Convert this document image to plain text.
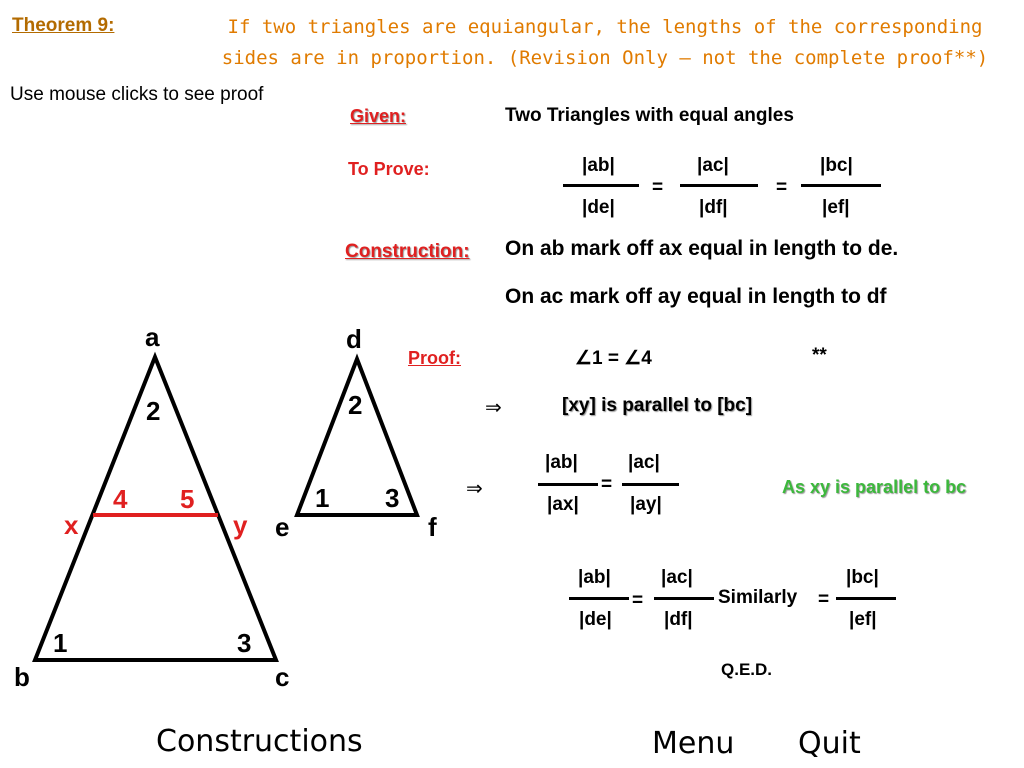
Theorem 9:	If two triangles are equiangular, the lengths of the corresponding
sides are in proportion. (Revision Only – not the complete proof**)
Use mouse clicks to see proof
Given:	Two Triangles with equal angles
To Prove:	|ab|
|de|
=
|ac|
|df|
=
|bc|
|ef|
Construction: On ab mark off ax equal in length to de.
On ac mark off ay equal in length to df
Proof:	∠1 = ∠4	**
⇒	[xy] is parallel to [bc]
⇒
|ab|
|ax|
=
|ac|
|ay|
As xy is parallel to bc
|ab|
|de|
=
|ac|
|df|
Similarly =
|bc|
|ef|
Q.E.D.
a
2
4 5
x	y
1	3
b	c
d
2
1 3
e	f
Constructions	Menu Quit
